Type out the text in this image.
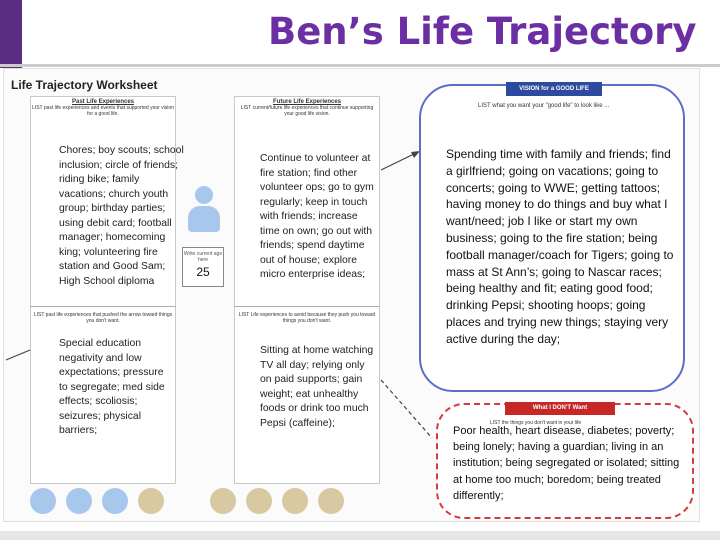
Ben’s Life Trajectory
Life Trajectory Worksheet
Past Life Experiences
LIST past life experiences and events that supported your vision for a good life.
Chores; boy scouts; school inclusion; circle of friends; riding bike; family vacations; church youth group; birthday parties; using debit card; football manager; homecoming king; volunteering fire station and Good Sam; High School diploma
LIST past life experiences that pushed the arrow toward things you don't want.
Special education negativity and low expectations; pressure to segregate; med side effects; scoliosis; seizures; physical barriers;
Write current age here
25
Future Life Experiences
LIST current/future life experiences that continue supporting your good life vision.
Continue to volunteer at fire station; find other volunteer ops; go to gym regularly; keep in touch with friends; increase time on own; go out with friends; spend daytime out of house; explore micro enterprise ideas;
LIST Life experiences to avoid because they push you toward things you don't want.
Sitting at home watching TV all day; relying only on paid supports; gain weight; eat unhealthy foods or drink too much Pepsi (caffeine);
VISION for a GOOD LIFE
LIST what you want your "good life" to look like ...
Spending time with family and friends; find a girlfriend; going on vacations; going to concerts; going to WWE; getting tattoos; having money to do things and buy what I want/need; job I like or start my own business; going to the fire station; being football manager/coach for Tigers; going to mass at St Ann’s; going to Nascar races; being healthy and fit; eating good food; drinking Pepsi; shooting hoops; going places and trying new things; staying very active during the day;
What I DON'T Want
LIST the things you don't want in your life
Poor health, heart disease, diabetes; poverty; being lonely; having a guardian; living in an institution; being segregated or isolated; sitting at home too much; boredom; being treated differently;
